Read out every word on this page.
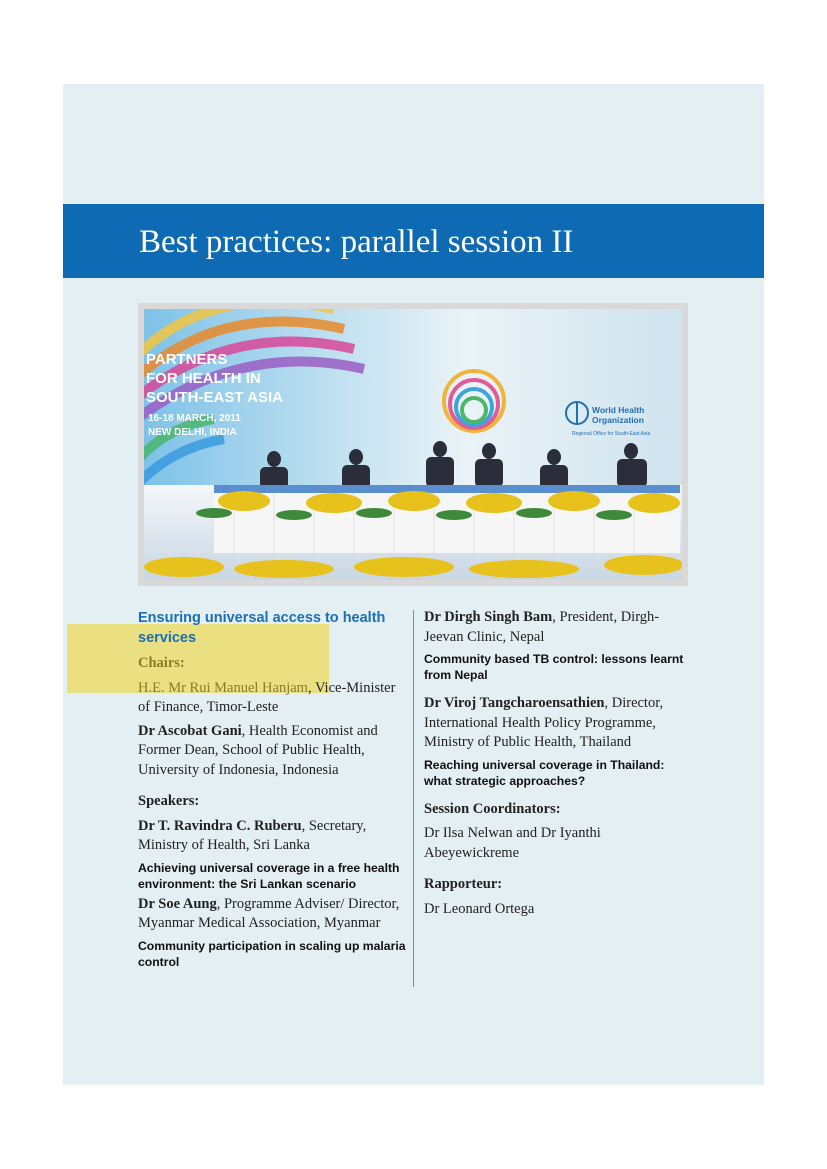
Best practices: parallel session II
World Health
Organization
Regional Office for South-East Asia
PARTNERS
FOR HEALTH IN
SOUTH-EAST ASIA
16-18 MARCH, 2011
NEW DELHI, INDIA

Ensuring universal access to health services

Chairs:

H.E. Mr Rui Manuel Hanjam, Vice-Minister of Finance, Timor-Leste

Dr Ascobat Gani, Health Economist and Former Dean, School of Public Health, University of Indonesia, Indonesia

Speakers:

Dr T. Ravindra C. Ruberu, Secretary, Ministry of Health, Sri Lanka

Achieving universal coverage in a free health environment: the Sri Lankan scenario

Dr Soe Aung, Programme Adviser/ Director, Myanmar Medical Association, Myanmar

Community participation in scaling up malaria control

Dr Dirgh Singh Bam, President, Dirgh-Jeevan Clinic, Nepal

Community based TB control: lessons learnt from Nepal

Dr Viroj Tangcharoensathien, Director, International Health Policy Programme, Ministry of Public Health, Thailand

Reaching universal coverage in Thailand: what strategic approaches?

Session Coordinators:

Dr Ilsa Nelwan and Dr Iyanthi Abeyewickreme

Rapporteur:

Dr Leonard Ortega
